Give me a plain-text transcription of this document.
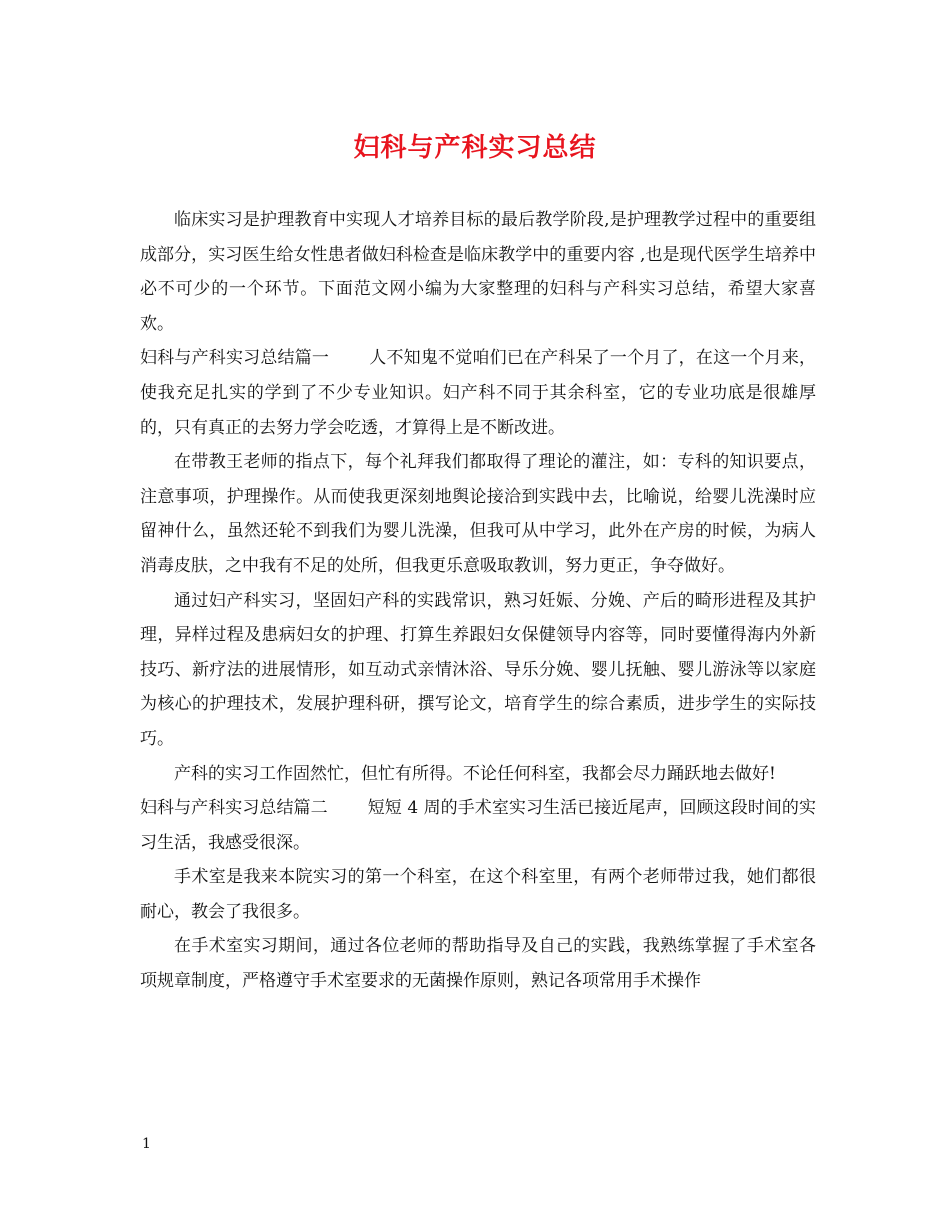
妇科与产科实习总结

临床实习是护理教育中实现人才培养目标的最后教学阶段,是护理教学过程中的重要组成部分，实习医生给女性患者做妇科检查是临床教学中的重要内容 ,也是现代医学生培养中必不可少的一个环节。下面范文网小编为大家整理的妇科与产科实习总结，希望大家喜欢。

妇科与产科实习总结篇一 人不知鬼不觉咱们已在产科呆了一个月了，在这一个月来，使我充足扎实的学到了不少专业知识。妇产科不同于其余科室，它的专业功底是很雄厚的，只有真正的去努力学会吃透，才算得上是不断改进。

在带教王老师的指点下，每个礼拜我们都取得了理论的灌注，如：专科的知识要点，注意事项，护理操作。从而使我更深刻地舆论接洽到实践中去，比喻说，给婴儿洗澡时应留神什么，虽然还轮不到我们为婴儿洗澡，但我可从中学习，此外在产房的时候，为病人消毒皮肤，之中我有不足的处所，但我更乐意吸取教训，努力更正，争夺做好。

通过妇产科实习，坚固妇产科的实践常识，熟习妊娠、分娩、产后的畸形进程及其护理，异样过程及患病妇女的护理、打算生养跟妇女保健领导内容等，同时要懂得海内外新技巧、新疗法的进展情形，如互动式亲情沐浴、导乐分娩、婴儿抚触、婴儿游泳等以家庭为核心的护理技术，发展护理科研，撰写论文，培育学生的综合素质，进步学生的实际技巧。

产科的实习工作固然忙，但忙有所得。不论任何科室，我都会尽力踊跃地去做好!

妇科与产科实习总结篇二 短短 4 周的手术室实习生活已接近尾声，回顾这段时间的实习生活，我感受很深。

手术室是我来本院实习的第一个科室，在这个科室里，有两个老师带过我，她们都很耐心，教会了我很多。

在手术室实习期间，通过各位老师的帮助指导及自己的实践，我熟练掌握了手术室各项规章制度，严格遵守手术室要求的无菌操作原则，熟记各项常用手术操作

1
